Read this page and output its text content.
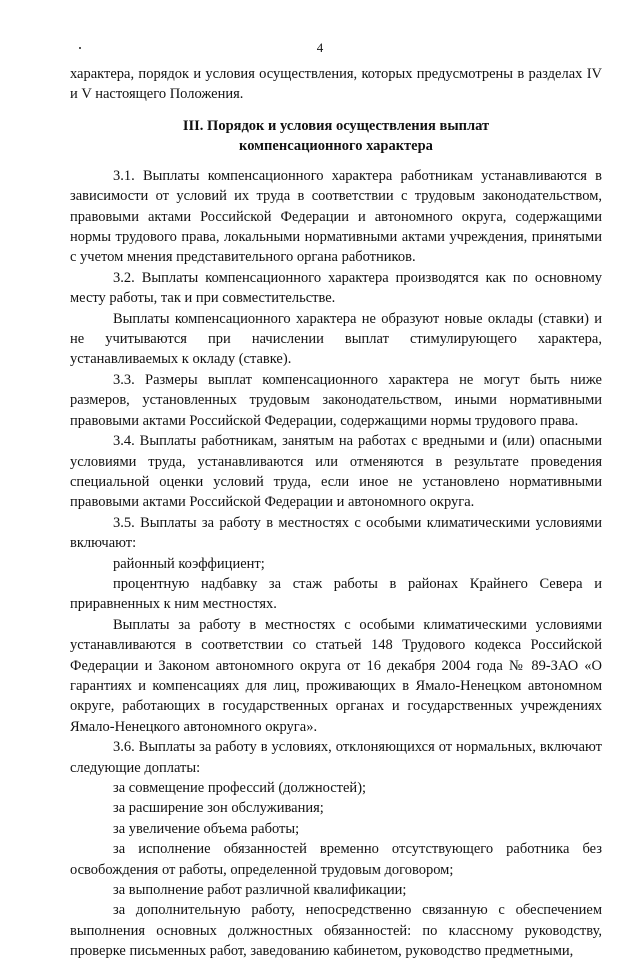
4

характера, порядок и условия осуществления, которых предусмотрены в разделах IV и V настоящего Положения.

III. Порядок и условия осуществления выплат
компенсационного характера

3.1. Выплаты компенсационного характера работникам устанавливаются в зависимости от условий их труда в соответствии с трудовым законодательством, правовыми актами Российской Федерации и автономного округа, содержащими нормы трудового права, локальными нормативными актами учреждения, принятыми с учетом мнения представительного органа работников.

3.2. Выплаты компенсационного характера производятся как по основному месту работы, так и при совместительстве.

Выплаты компенсационного характера не образуют новые оклады (ставки) и не учитываются при начислении выплат стимулирующего характера, устанавливаемых к окладу (ставке).

3.3. Размеры выплат компенсационного характера не могут быть ниже размеров, установленных трудовым законодательством, иными нормативными правовыми актами Российской Федерации, содержащими нормы трудового права.

3.4. Выплаты работникам, занятым на работах с вредными и (или) опасными условиями труда, устанавливаются или отменяются в результате проведения специальной оценки условий труда, если иное не установлено нормативными правовыми актами Российской Федерации и автономного округа.

3.5. Выплаты за работу в местностях с особыми климатическими условиями включают:

районный коэффициент;

процентную надбавку за стаж работы в районах Крайнего Севера и приравненных к ним местностях.

Выплаты за работу в местностях с особыми климатическими условиями устанавливаются в соответствии со статьей 148 Трудового кодекса Российской Федерации и Законом автономного округа от 16 декабря 2004 года № 89-ЗАО «О гарантиях и компенсациях для лиц, проживающих в Ямало-Ненецком автономном округе, работающих в государственных органах и государственных учреждениях Ямало-Ненецкого автономного округа».

3.6. Выплаты за работу в условиях, отклоняющихся от нормальных, включают следующие доплаты:

за совмещение профессий (должностей);

за расширение зон обслуживания;

за увеличение объема работы;

за исполнение обязанностей временно отсутствующего работника без освобождения от работы, определенной трудовым договором;

за выполнение работ различной квалификации;

за дополнительную работу, непосредственно связанную с обеспечением выполнения основных должностных обязанностей: по классному руководству, проверке письменных работ, заведованию кабинетом, руководство предметными,
